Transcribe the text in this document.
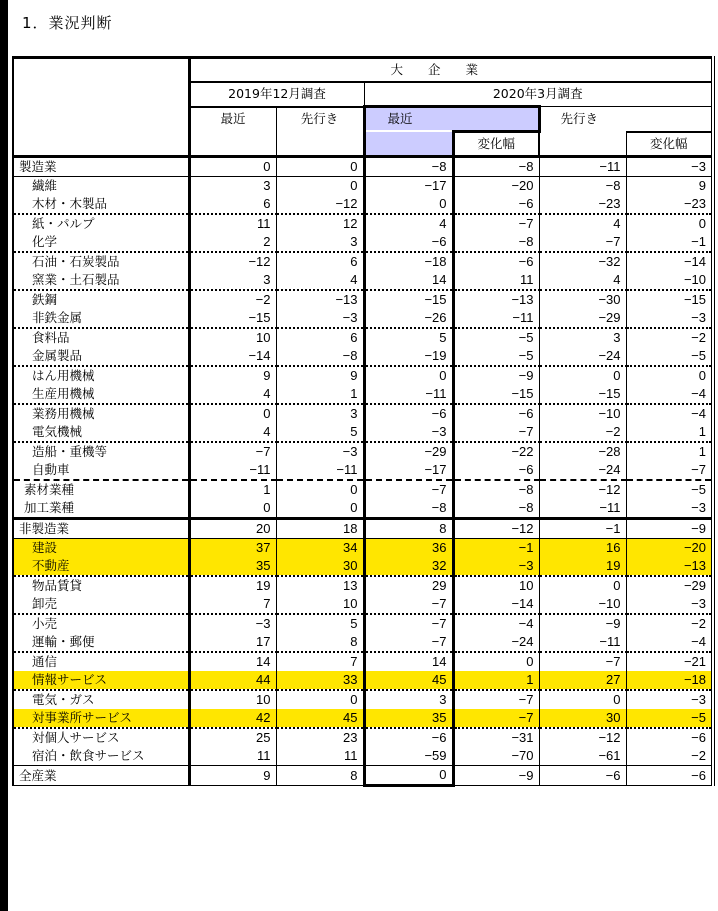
1．業況判断
	大　　企　　業					
	2019年12月調査		2020年3月調査			
	最近	先行き	最近		先行き	
				変化幅		変化幅
製造業	0	0	−8	−8	−11	−3
繊維	3	0	−17	−20	−8	9
木材・木製品	6	−12	0	−6	−23	−23
紙・パルプ	11	12	4	−7	4	0
化学	2	3	−6	−8	−7	−1
石油・石炭製品	−12	6	−18	−6	−32	−14
窯業・土石製品	3	4	14	11	4	−10
鉄鋼	−2	−13	−15	−13	−30	−15
非鉄金属	−15	−3	−26	−11	−29	−3
食料品	10	6	5	−5	3	−2
金属製品	−14	−8	−19	−5	−24	−5
はん用機械	9	9	0	−9	0	0
生産用機械	4	1	−11	−15	−15	−4
業務用機械	0	3	−6	−6	−10	−4
電気機械	4	5	−3	−7	−2	1
造船・重機等	−7	−3	−29	−22	−28	1
自動車	−11	−11	−17	−6	−24	−7
素材業種	1	0	−7	−8	−12	−5
加工業種	0	0	−8	−8	−11	−3
非製造業	20	18	8	−12	−1	−9
建設	37	34	36	−1	16	−20
不動産	35	30	32	−3	19	−13
物品賃貸	19	13	29	10	0	−29
卸売	7	10	−7	−14	−10	−3
小売	−3	5	−7	−4	−9	−2
運輸・郵便	17	8	−7	−24	−11	−4
通信	14	7	14	0	−7	−21
情報サービス	44	33	45	1	27	−18
電気・ガス	10	0	3	−7	0	−3
対事業所サービス	42	45	35	−7	30	−5
対個人サービス	25	23	−6	−31	−12	−6
宿泊・飲食サービス	11	11	−59	−70	−61	−2
全産業	9	8	0	−9	−6	−6
